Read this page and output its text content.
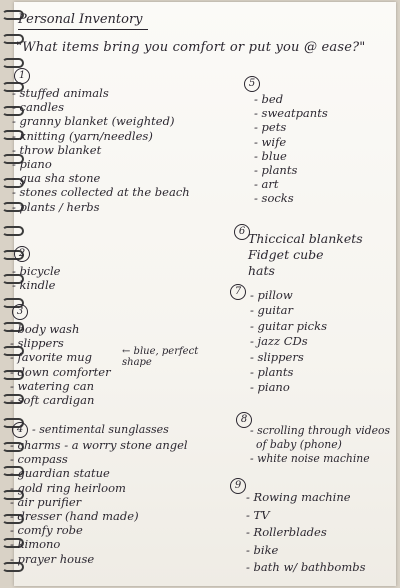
Personal Inventory
"What items bring you comfort or put you @ ease?"
1
- stuffed animals
- candles
- granny blanket (weighted)
- knitting (yarn/needles)
- throw blanket
- piano
- gua sha stone
- stones collected at the beach
- plants / herbs
2
- bicycle
- kindle
3
- body wash
- slippers
- favorite mug
- down comforter
- watering can
- soft cardigan
← blue, perfect shape
4 - sentimental sunglasses
- charms - a worry stone angel
- compass
- guardian statue
- gold ring heirloom
- air purifier
- dresser (hand made)
- comfy robe
- kimono
- prayer house
5
- bed
- sweatpants
- pets
- wife
- blue
- plants
- art
- socks
6 Thiccical blankets
Fidget cube
hats
7 - pillow
- guitar
- guitar picks
- jazz CDs
- slippers
- plants
- piano
8
- scrolling through videos
of baby (phone)
- white noise machine
9
- Rowing machine
- TV
- Rollerblades
- bike
- bath w/ bathbombs
